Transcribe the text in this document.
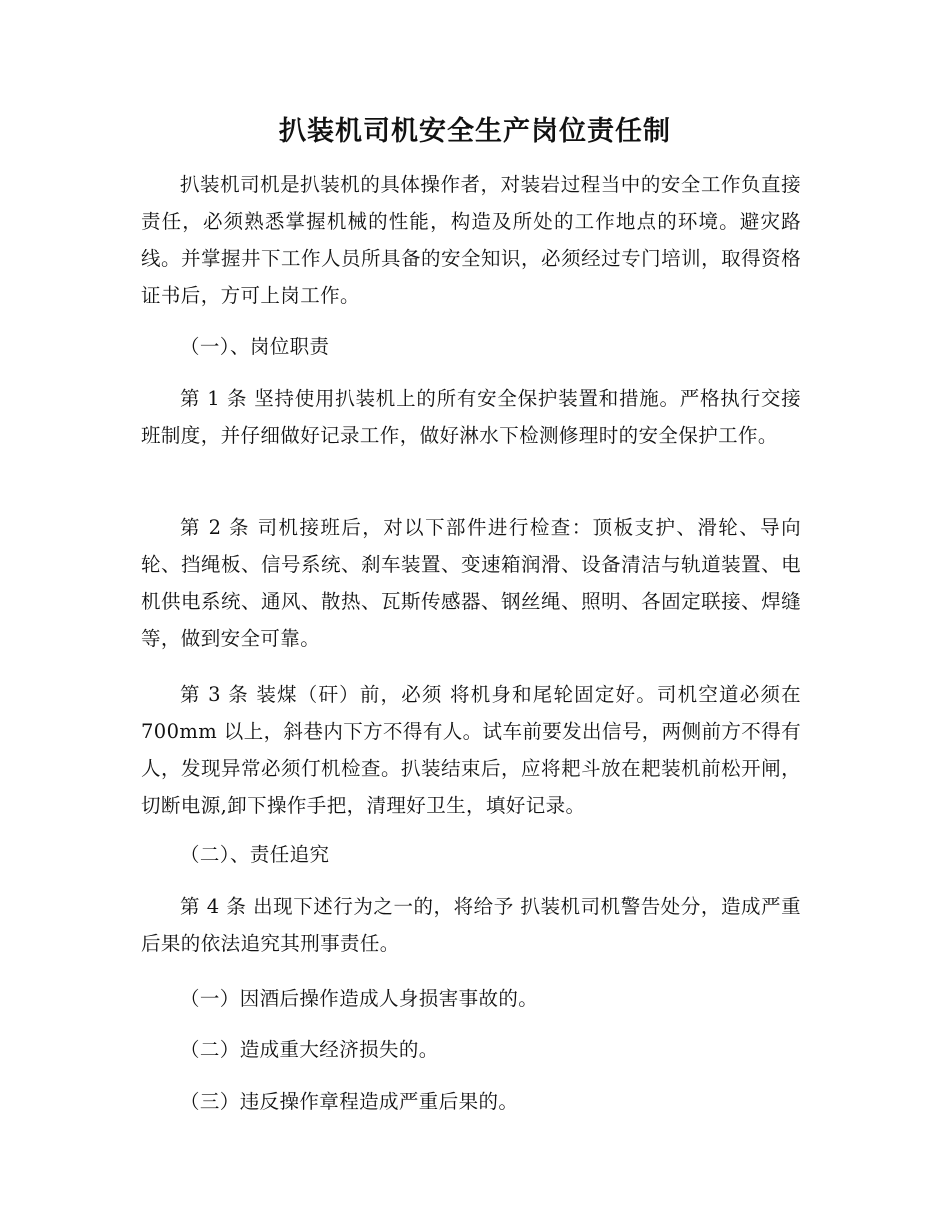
扒装机司机安全生产岗位责任制
扒装机司机是扒装机的具体操作者，对装岩过程当中的安全工作负直接责任，必须熟悉掌握机械的性能，构造及所处的工作地点的环境。避灾路线。并掌握井下工作人员所具备的安全知识，必须经过专门培训，取得资格证书后，方可上岗工作。
（一）、岗位职责
第 1 条 坚持使用扒装机上的所有安全保护装置和措施。严格执行交接班制度，并仔细做好记录工作，做好淋水下检测修理时的安全保护工作。
第 2 条 司机接班后，对以下部件进行检查：顶板支护、滑轮、导向轮、挡绳板、信号系统、刹车装置、变速箱润滑、设备清洁与轨道装置、电机供电系统、通风、散热、瓦斯传感器、钢丝绳、照明、各固定联接、焊缝等，做到安全可靠。
第 3 条 装煤（矸）前，必须 将机身和尾轮固定好。司机空道必须在 700mm 以上，斜巷内下方不得有人。试车前要发出信号，两侧前方不得有人，发现异常必须仃机检查。扒装结束后，应将耙斗放在耙装机前松开闸，切断电源,卸下操作手把，清理好卫生，填好记录。
（二）、责任追究
第 4 条 出现下述行为之一的，将给予 扒装机司机警告处分，造成严重后果的依法追究其刑事责任。
（一）因酒后操作造成人身损害事故的。
（二）造成重大经济损失的。
（三）违反操作章程造成严重后果的。
